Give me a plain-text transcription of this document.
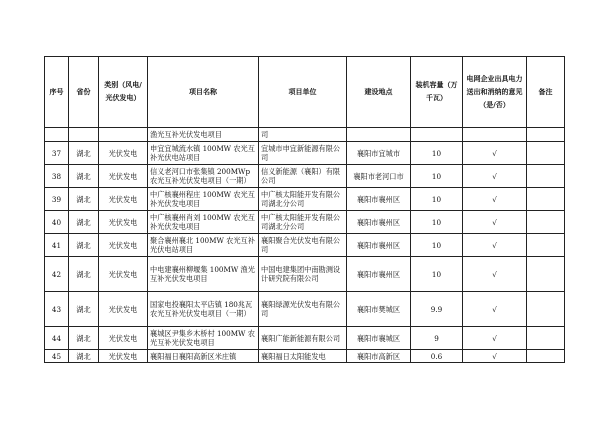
序号	省份	类别（风电/光伏发电）	项目名称	项目单位	建设地点	装机容量（万千瓦）	电网企业出具电力送出和消纳的意见（是/否）	备注
			渔光互补光伏发电项目	司				
37	湖北	光伏发电	申宜宜城流水镇 100MW 农光互补光伏电站项目	宜城市申宜新能源有限公司	襄阳市宜城市	10	√	
38	湖北	光伏发电	信义老河口市张集镇 200MWp 农光互补光伏发电项目（一期）	信义新能源（襄阳）有限公司	襄阳市老河口市	10	√	
39	湖北	光伏发电	中广核襄州程庄 100MW 农光互补光伏发电项目	中广核太阳能开发有限公司湖北分公司	襄阳市襄州区	10	√	
40	湖北	光伏发电	中广核襄州肖刘 100MW 农光互补光伏发电项目	中广核太阳能开发有限公司湖北分公司	襄阳市襄州区	10	√	
41	湖北	光伏发电	聚合襄州襄北 100MW 农光互补光伏电站项目	襄阳聚合光伏发电有限公司	襄阳市襄州区	10	√	
42	湖北	光伏发电	中电建襄州柳堰集 100MW 渔光互补光伏发电项目	中国电建集团中南勘测设计研究院有限公司	襄阳市襄州区	10	√	
43	湖北	光伏发电	国家电投襄阳太平店镇 180兆瓦农光互补光伏发电项目（一期）	襄阳绿源光伏发电有限公司	襄阳市樊城区	9.9	√	
44	湖北	光伏发电	襄城区尹集乡木桥村 100MW 农光互补光伏发电项目	襄阳广能新能源有限公司	襄阳市襄城区	9	√	
45	湖北	光伏发电	襄阳福日襄阳高新区米庄镇	襄阳福日太阳能发电	襄阳市高新区	0.6	√	
